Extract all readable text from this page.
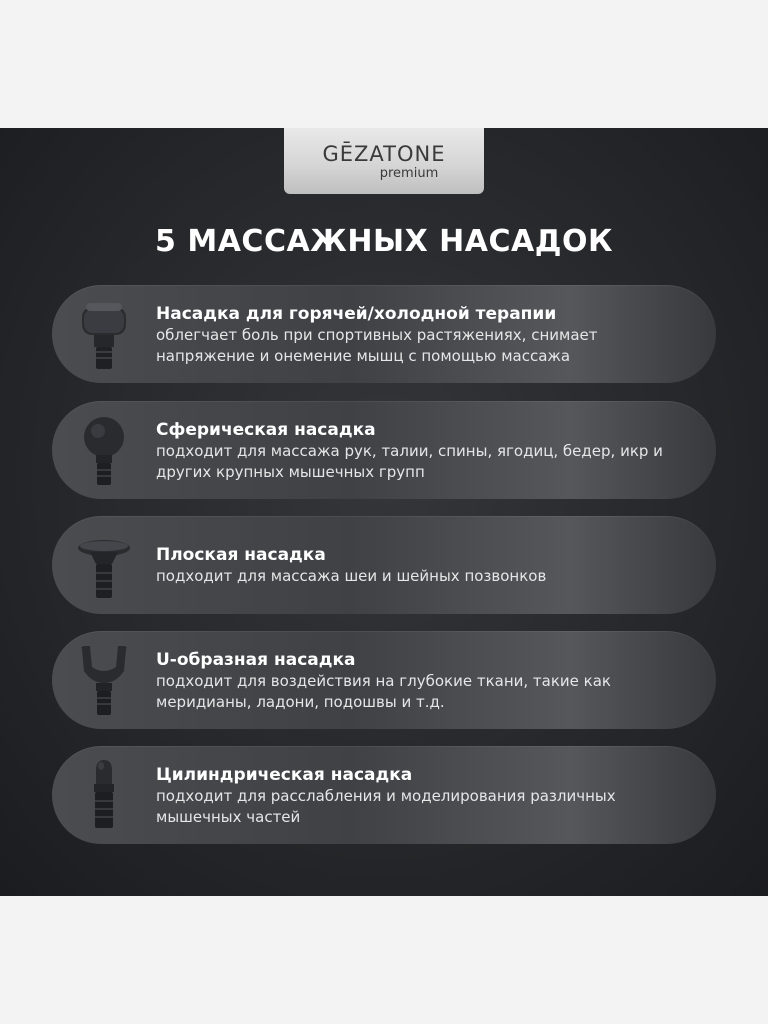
GĒZATONE
premium
5 МАССАЖНЫХ НАСАДОК
Насадка для горячей/холодной терапии
облегчает боль при спортивных растяжениях, снимает
напряжение и онемение мышц с помощью массажа
Сферическая насадка
подходит для массажа рук, талии, спины, ягодиц, бедер, икр и
других крупных мышечных групп
Плоская насадка
подходит для массажа шеи и шейных позвонков
U-образная насадка
подходит для воздействия на глубокие ткани, такие как
меридианы, ладони, подошвы и т.д.
Цилиндрическая насадка
подходит для расслабления и моделирования различных
мышечных частей
